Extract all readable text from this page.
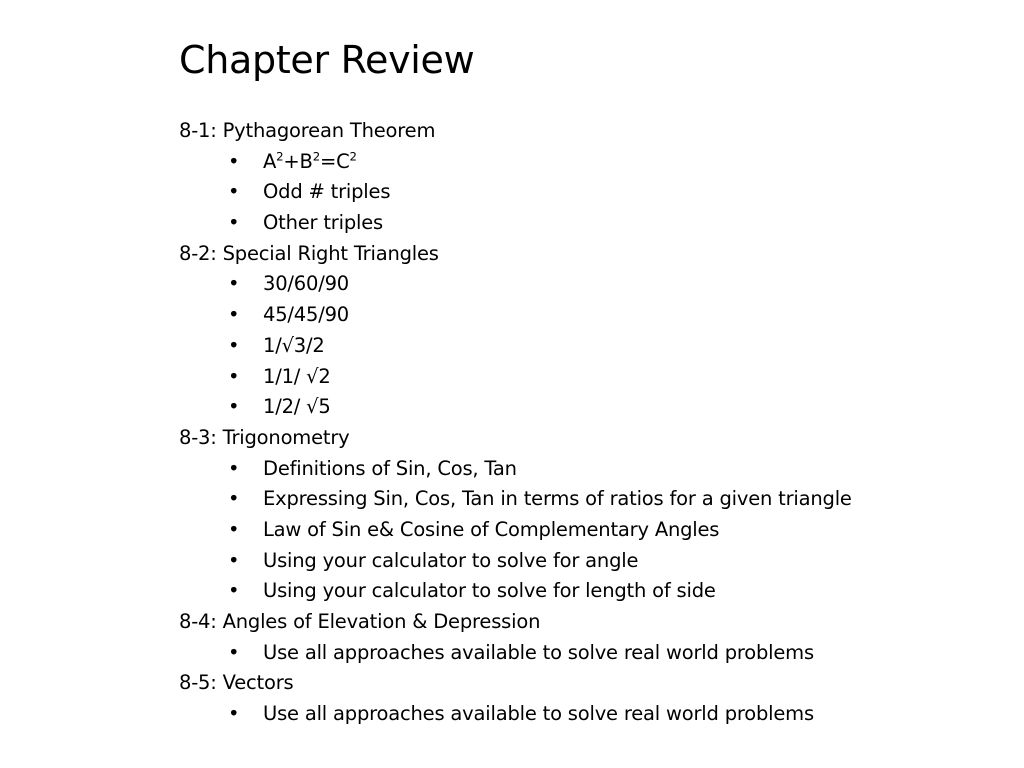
Chapter Review
8-1: Pythagorean Theorem
• $A^2+B^2=C^2$
• Odd # triples
• Other triples
8-2: Special Right Triangles
• 30/60/90
• 45/45/90
• 1/√3/2
• 1/1/ √2
• 1/2/ √5
8-3: Trigonometry
• Definitions of Sin, Cos, Tan
• Expressing Sin, Cos, Tan in terms of ratios for a given triangle
• Law of Sin e& Cosine of Complementary Angles
• Using your calculator to solve for angle
• Using your calculator to solve for length of side
8-4: Angles of Elevation & Depression
• Use all approaches available to solve real world problems
8-5: Vectors
• Use all approaches available to solve real world problems
